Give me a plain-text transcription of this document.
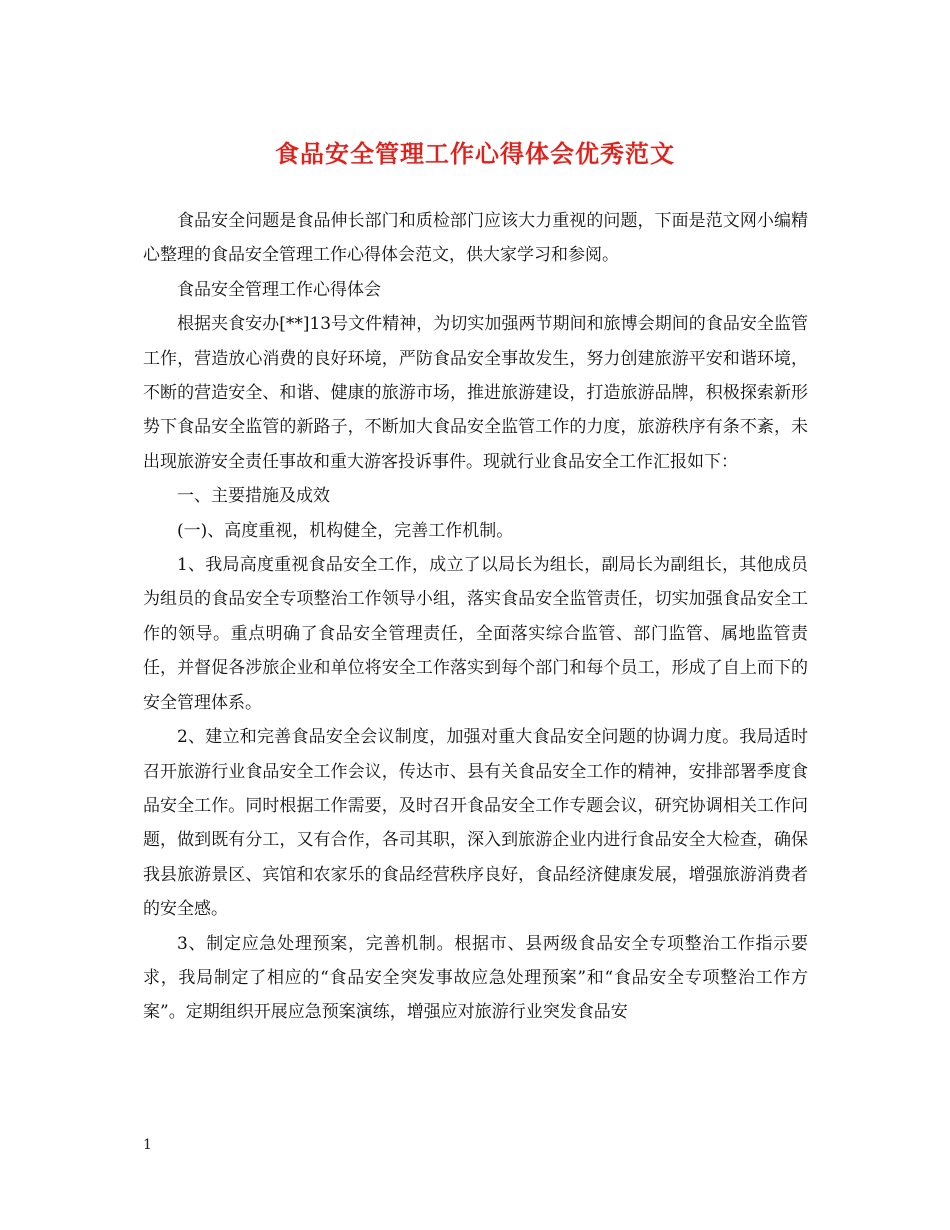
食品安全管理工作心得体会优秀范文

食品安全问题是食品伸长部门和质检部门应该大力重视的问题，下面是范文网小编精心整理的食品安全管理工作心得体会范文，供大家学习和参阅。

食品安全管理工作心得体会

根据夹食安办[**]13号文件精神，为切实加强两节期间和旅博会期间的食品安全监管工作，营造放心消费的良好环境，严防食品安全事故发生，努力创建旅游平安和谐环境，不断的营造安全、和谐、健康的旅游市场，推进旅游建设，打造旅游品牌，积极探索新形势下食品安全监管的新路子，不断加大食品安全监管工作的力度，旅游秩序有条不紊，未出现旅游安全责任事故和重大游客投诉事件。现就行业食品安全工作汇报如下：

一、主要措施及成效

(一)、高度重视，机构健全，完善工作机制。

1、我局高度重视食品安全工作，成立了以局长为组长，副局长为副组长，其他成员为组员的食品安全专项整治工作领导小组，落实食品安全监管责任，切实加强食品安全工作的领导。重点明确了食品安全管理责任，全面落实综合监管、部门监管、属地监管责任，并督促各涉旅企业和单位将安全工作落实到每个部门和每个员工，形成了自上而下的安全管理体系。

2、建立和完善食品安全会议制度，加强对重大食品安全问题的协调力度。我局适时召开旅游行业食品安全工作会议，传达市、县有关食品安全工作的精神，安排部署季度食品安全工作。同时根据工作需要，及时召开食品安全工作专题会议，研究协调相关工作问题，做到既有分工，又有合作，各司其职，深入到旅游企业内进行食品安全大检查，确保我县旅游景区、宾馆和农家乐的食品经营秩序良好，食品经济健康发展，增强旅游消费者的安全感。

3、制定应急处理预案，完善机制。根据市、县两级食品安全专项整治工作指示要求，我局制定了相应的“食品安全突发事故应急处理预案”和“食品安全专项整治工作方案”。定期组织开展应急预案演练，增强应对旅游行业突发食品安

1
